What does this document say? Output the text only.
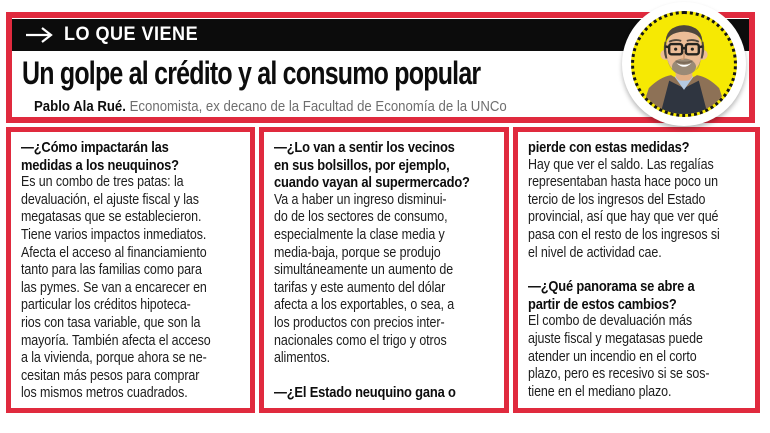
LO QUE VIENE
Un golpe al crédito y al consumo popular
Pablo Ala Rué. Economista, ex decano de la Facultad de Economía de la UNCo
—¿Cómo impactarán las
medidas a los neuquinos?
Es un combo de tres patas: la
devaluación, el ajuste fiscal y las
megatasas que se establecieron.
Tiene varios impactos inmediatos.
Afecta el acceso al financiamiento
tanto para las familias como para
las pymes. Se van a encarecer en
particular los créditos hipoteca-
rios con tasa variable, que son la
mayoría. También afecta el acceso
a la vivienda, porque ahora se ne-
cesitan más pesos para comprar
los mismos metros cuadrados.
—¿Lo van a sentir los vecinos
en sus bolsillos, por ejemplo,
cuando vayan al supermercado?
Va a haber un ingreso disminui-
do de los sectores de consumo,
especialmente la clase media y
media-baja, porque se produjo
simultáneamente un aumento de
tarifas y este aumento del dólar
afecta a los exportables, o sea, a
los productos con precios inter-
nacionales como el trigo y otros
alimentos.
—¿El Estado neuquino gana o
pierde con estas medidas?
Hay que ver el saldo. Las regalías
representaban hasta hace poco un
tercio de los ingresos del Estado
provincial, así que hay que ver qué
pasa con el resto de los ingresos si
el nivel de actividad cae.
—¿Qué panorama se abre a
partir de estos cambios?
El combo de devaluación más
ajuste fiscal y megatasas puede
atender un incendio en el corto
plazo, pero es recesivo si se sos-
tiene en el mediano plazo.
